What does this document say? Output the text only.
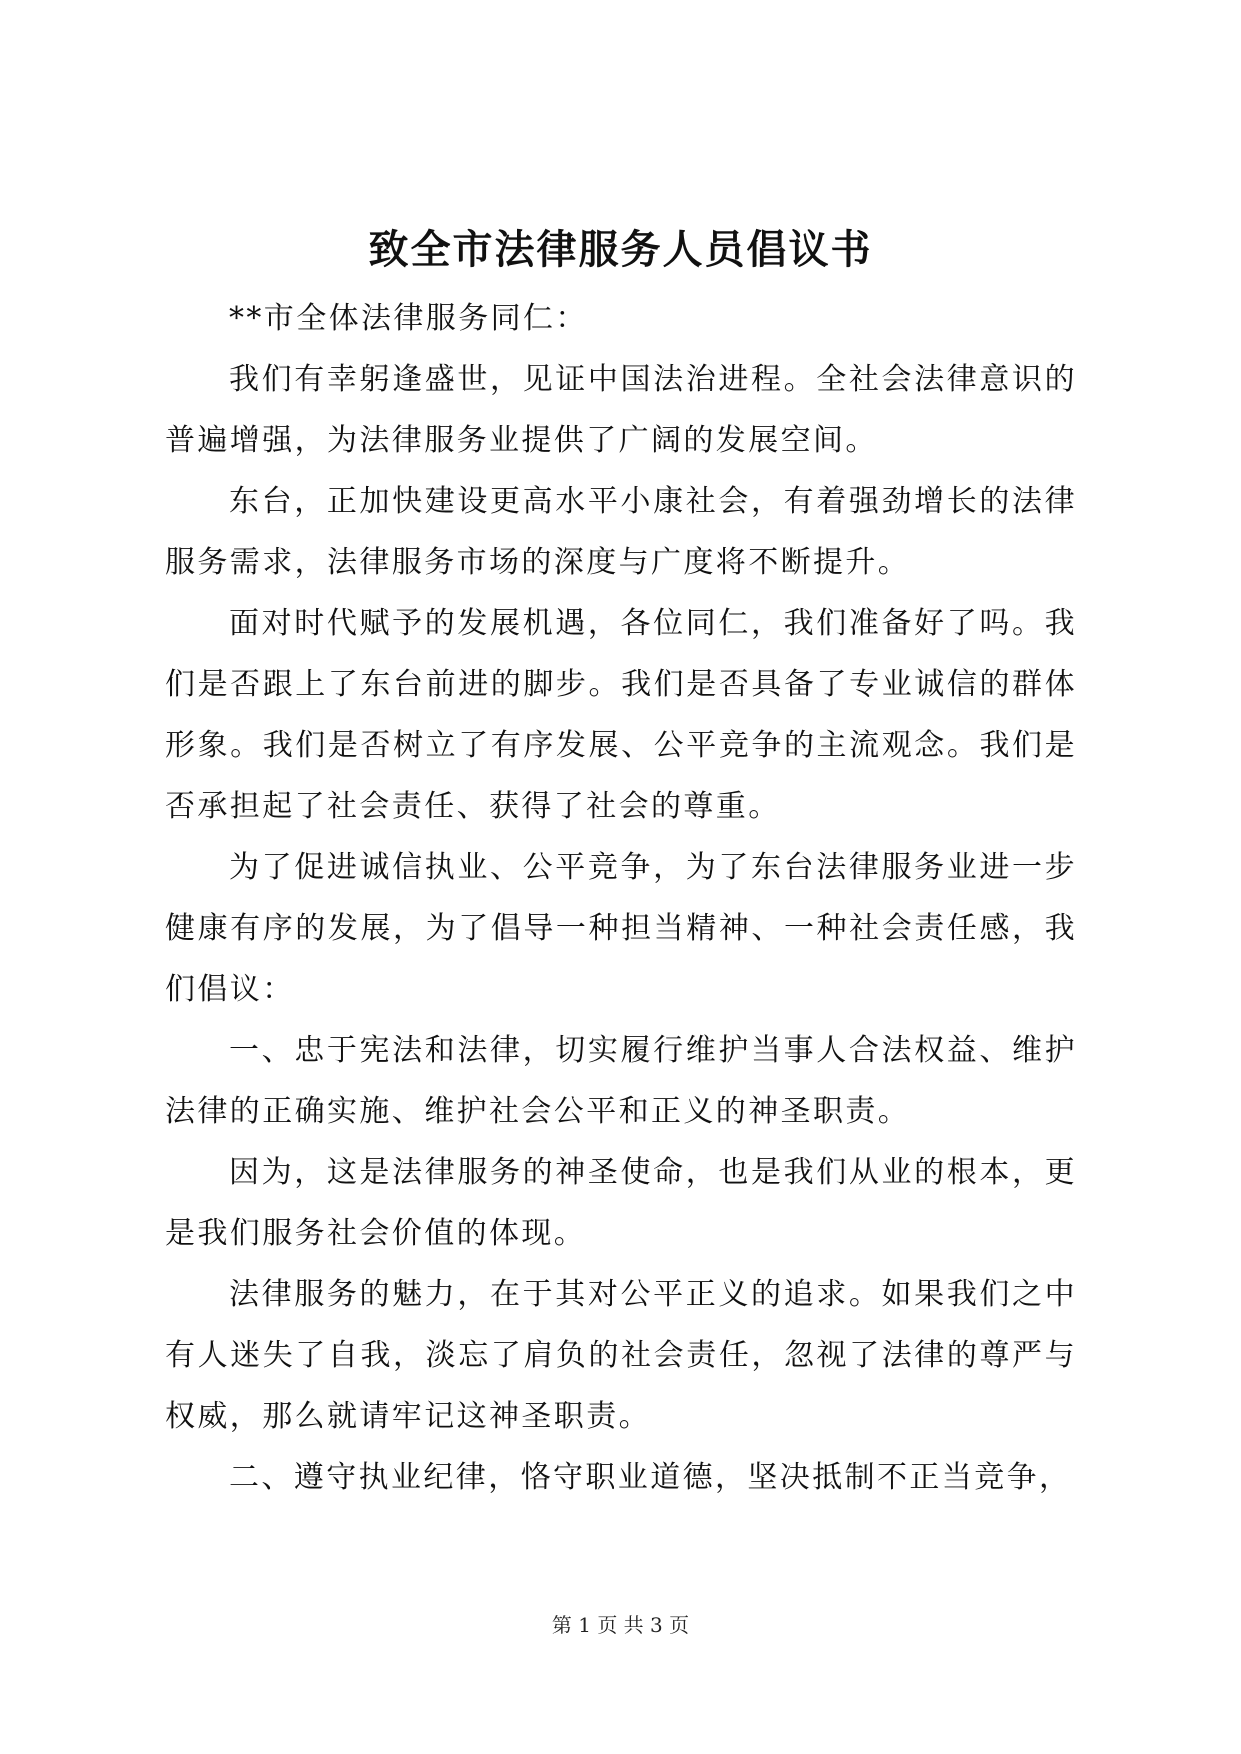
致全市法律服务人员倡议书

**市全体法律服务同仁：

我们有幸躬逢盛世，见证中国法治进程。全社会法律意识的普遍增强，为法律服务业提供了广阔的发展空间。

东台，正加快建设更高水平小康社会，有着强劲增长的法律服务需求，法律服务市场的深度与广度将不断提升。

面对时代赋予的发展机遇，各位同仁，我们准备好了吗。我们是否跟上了东台前进的脚步。我们是否具备了专业诚信的群体形象。我们是否树立了有序发展、公平竞争的主流观念。我们是否承担起了社会责任、获得了社会的尊重。

为了促进诚信执业、公平竞争，为了东台法律服务业进一步健康有序的发展，为了倡导一种担当精神、一种社会责任感，我们倡议：

一、忠于宪法和法律，切实履行维护当事人合法权益、维护法律的正确实施、维护社会公平和正义的神圣职责。

因为，这是法律服务的神圣使命，也是我们从业的根本，更是我们服务社会价值的体现。

法律服务的魅力，在于其对公平正义的追求。如果我们之中有人迷失了自我，淡忘了肩负的社会责任，忽视了法律的尊严与权威，那么就请牢记这神圣职责。

二、遵守执业纪律，恪守职业道德，坚决抵制不正当竞争，

第 1 页 共 3 页
